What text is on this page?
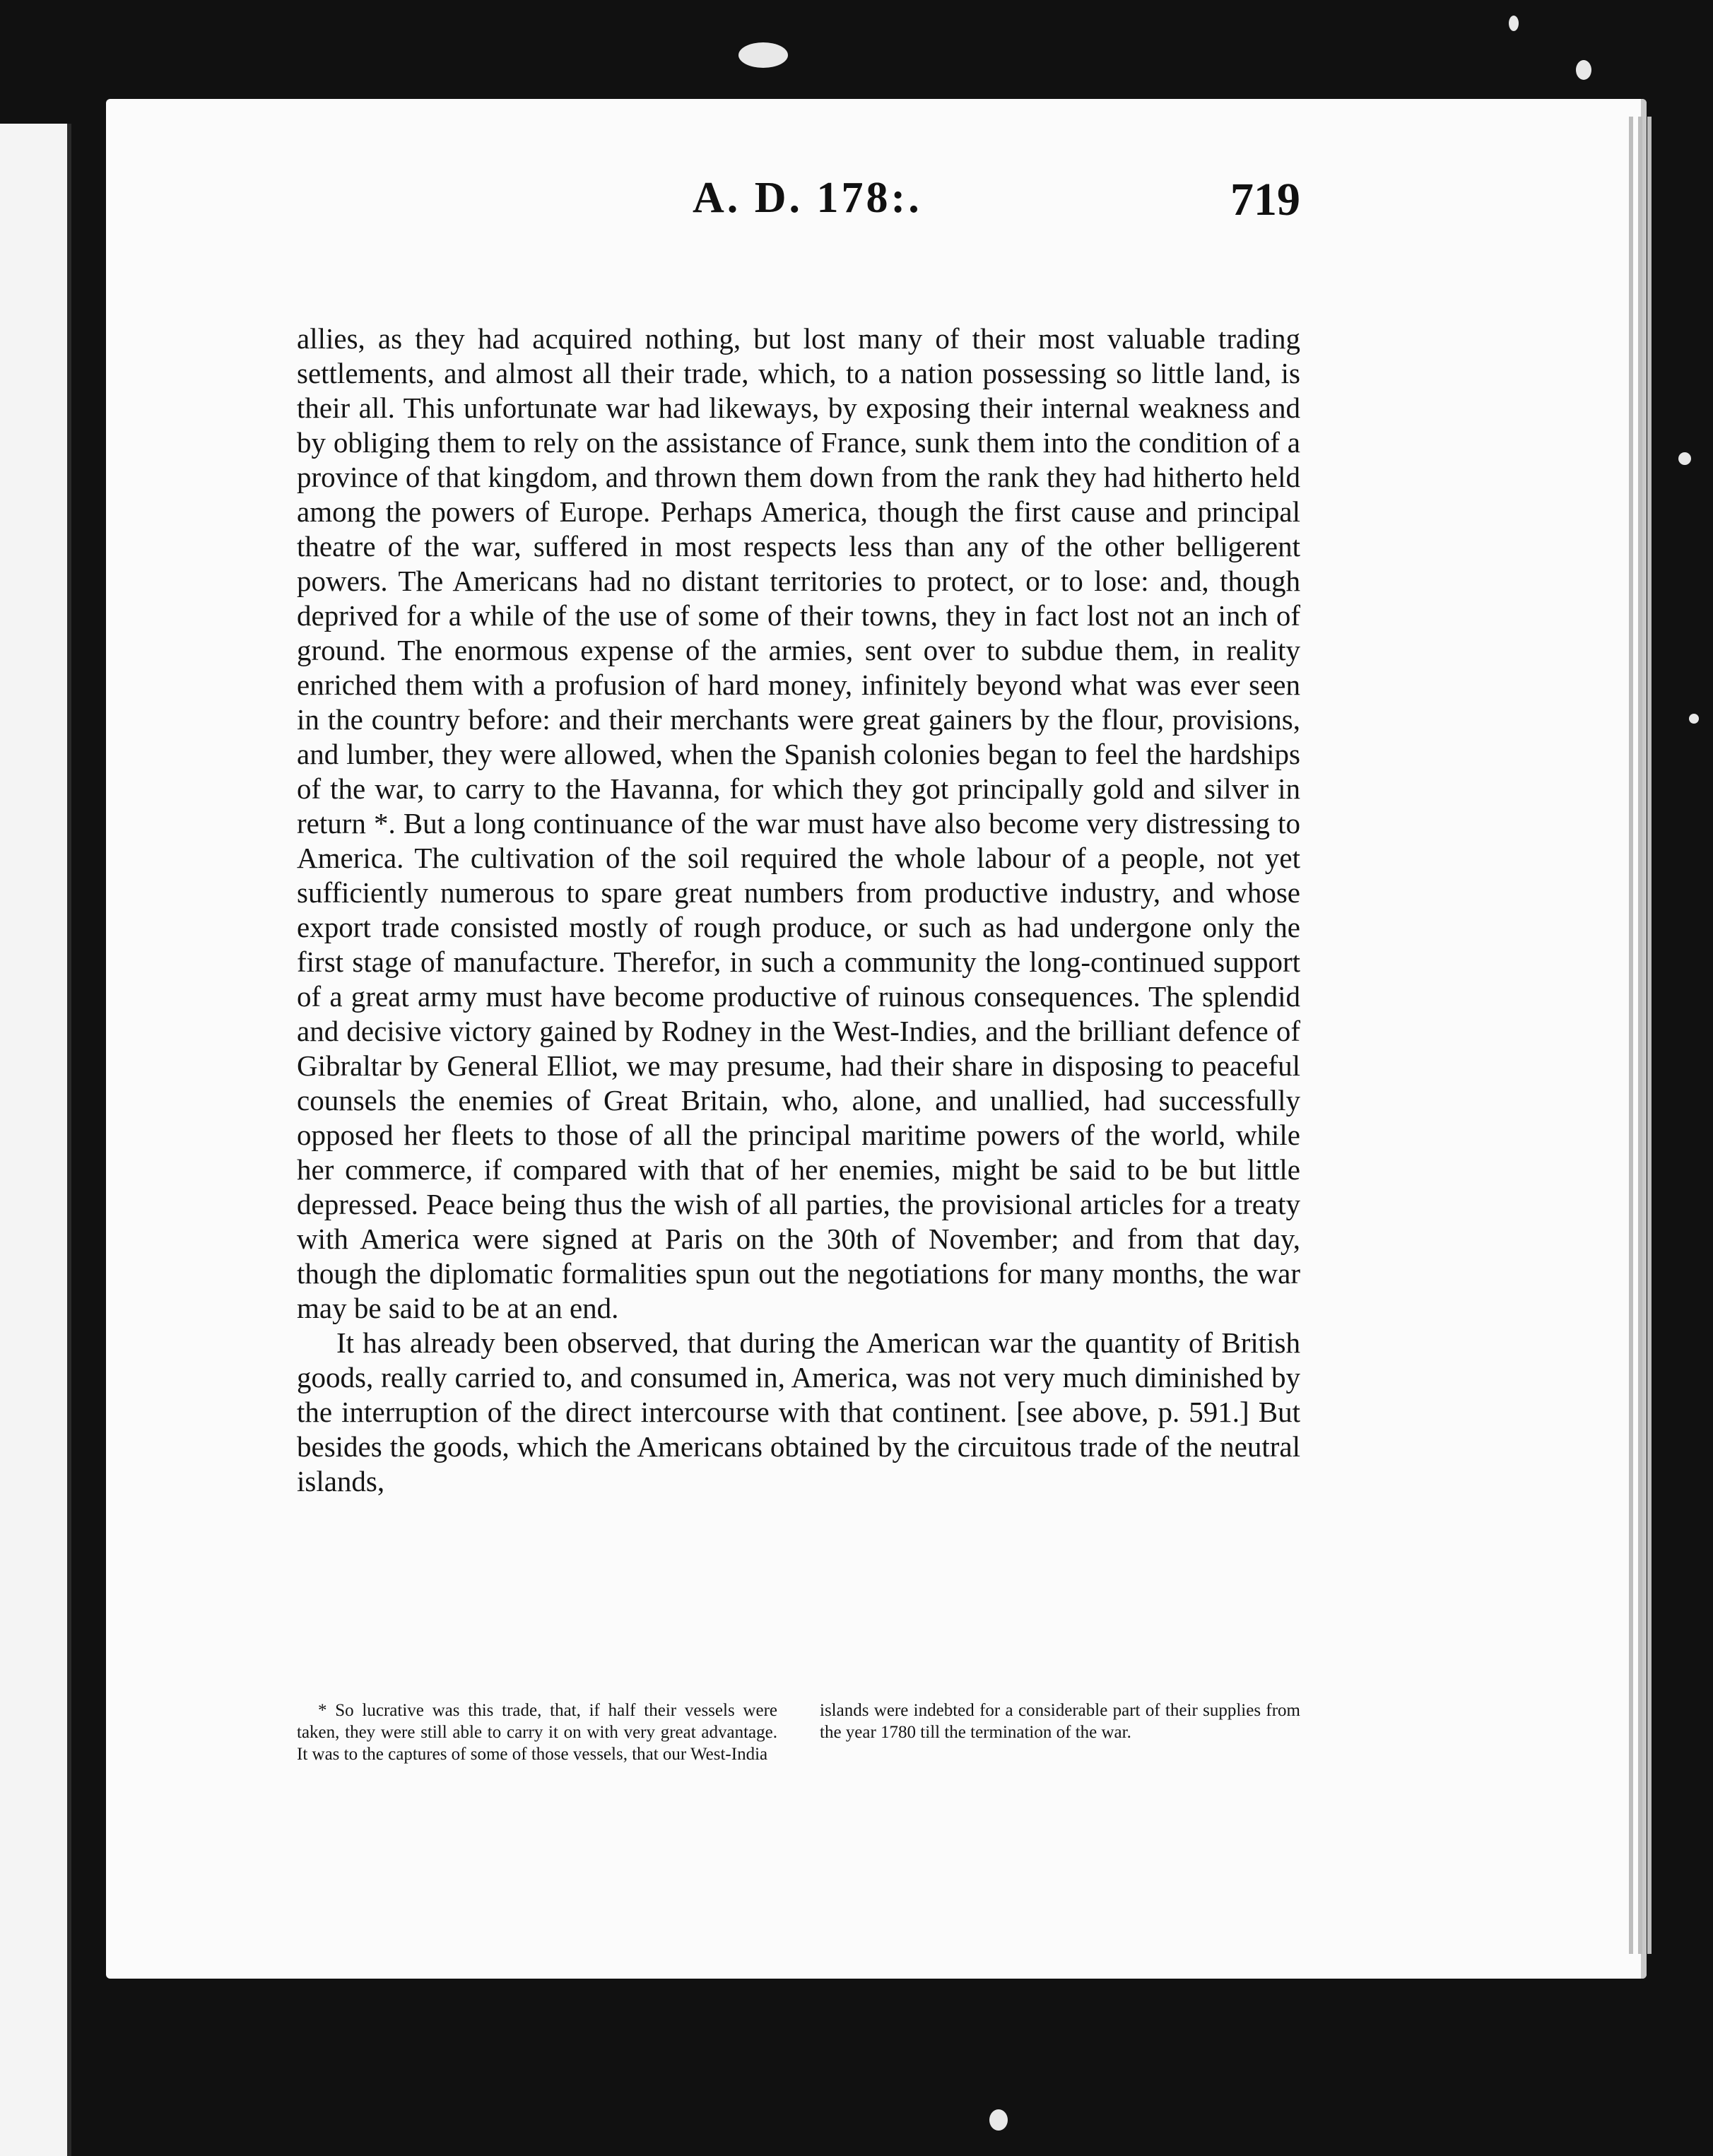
A. D. 178:.	719

allies, as they had acquired nothing, but lost many of their most valuable trading settlements, and almost all their trade, which, to a nation possessing so little land, is their all. This unfortunate war had likeways, by exposing their internal weakness and by obliging them to rely on the assistance of France, sunk them into the condition of a province of that kingdom, and thrown them down from the rank they had hitherto held among the powers of Europe. Perhaps America, though the first cause and principal theatre of the war, suffered in most respects less than any of the other belligerent powers. The Americans had no distant territories to protect, or to lose: and, though deprived for a while of the use of some of their towns, they in fact lost not an inch of ground. The enormous expense of the armies, sent over to subdue them, in reality enriched them with a profusion of hard money, infinitely beyond what was ever seen in the country before: and their merchants were great gainers by the flour, provisions, and lumber, they were allowed, when the Spanish colonies began to feel the hardships of the war, to carry to the Havanna, for which they got principally gold and silver in return *. But a long continuance of the war must have also become very distressing to America. The cultivation of the soil required the whole labour of a people, not yet sufficiently numerous to spare great numbers from productive industry, and whose export trade consisted mostly of rough produce, or such as had undergone only the first stage of manufacture. Therefor, in such a community the long-continued support of a great army must have become productive of ruinous consequences. The splendid and decisive victory gained by Rodney in the West-Indies, and the brilliant defence of Gibraltar by General Elliot, we may presume, had their share in disposing to peaceful counsels the enemies of Great Britain, who, alone, and unallied, had successfully opposed her fleets to those of all the principal maritime powers of the world, while her commerce, if compared with that of her enemies, might be said to be but little depressed. Peace being thus the wish of all parties, the provisional articles for a treaty with America were signed at Paris on the 30th of November; and from that day, though the diplomatic formalities spun out the negotiations for many months, the war may be said to be at an end.

It has already been observed, that during the American war the quantity of British goods, really carried to, and consumed in, America, was not very much diminished by the interruption of the direct intercourse with that continent. [see above, p. 591.] But besides the goods, which the Americans obtained by the circuitous trade of the neutral islands,

* So lucrative was this trade, that, if half their vessels were taken, they were still able to carry it on with very great advantage. It was to the captures of some of those vessels, that our West-India

islands were indebted for a considerable part of their supplies from the year 1780 till the termination of the war.
